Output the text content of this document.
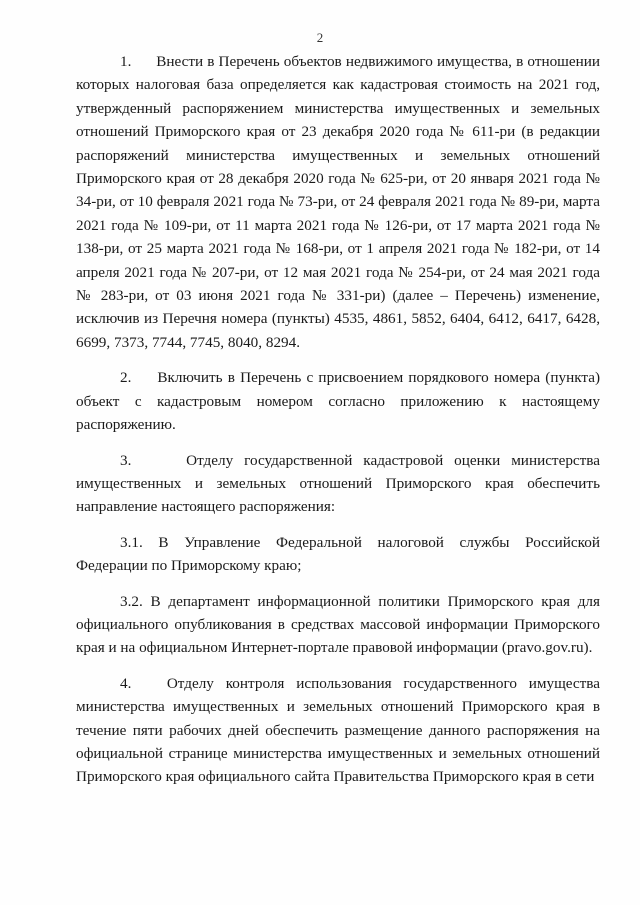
2

1.      Внести в Перечень объектов недвижимого имущества, в отношении которых налоговая база определяется как кадастровая стоимость на 2021 год, утвержденный распоряжением министерства имущественных и земельных отношений Приморского края от 23 декабря 2020 года № 611-ри (в редакции распоряжений министерства имущественных и земельных отношений Приморского края от 28 декабря 2020 года № 625-ри, от 20 января 2021 года № 34-ри, от 10 февраля 2021 года № 73-ри, от 24 февраля 2021 года № 89-ри, марта 2021 года № 109-ри, от 11 марта 2021 года № 126-ри, от 17 марта 2021 года № 138-ри, от 25 марта 2021 года № 168-ри, от 1 апреля 2021 года № 182-ри, от 14 апреля 2021 года № 207-ри, от 12 мая 2021 года № 254-ри, от 24 мая 2021 года № 283-ри, от 03 июня 2021 года № 331-ри) (далее – Перечень) изменение, исключив из Перечня номера (пункты) 4535, 4861, 5852, 6404, 6412, 6417, 6428, 6699, 7373, 7744, 7745, 8040, 8294.

2.     Включить в Перечень с присвоением порядкового номера (пункта) объект с кадастровым номером согласно приложению к настоящему распоряжению.

3.     Отделу государственной кадастровой оценки министерства имущественных и земельных отношений Приморского края обеспечить направление настоящего распоряжения:

3.1. В Управление Федеральной налоговой службы Российской Федерации по Приморскому краю;

3.2. В департамент информационной политики Приморского края для официального опубликования в средствах массовой информации Приморского края и на официальном Интернет-портале правовой информации (pravo.gov.ru).

4.   Отделу контроля использования государственного имущества министерства имущественных и земельных отношений Приморского края в течение пяти рабочих дней обеспечить размещение данного распоряжения на официальной странице министерства имущественных и земельных отношений Приморского края официального сайта Правительства Приморского края в сети
